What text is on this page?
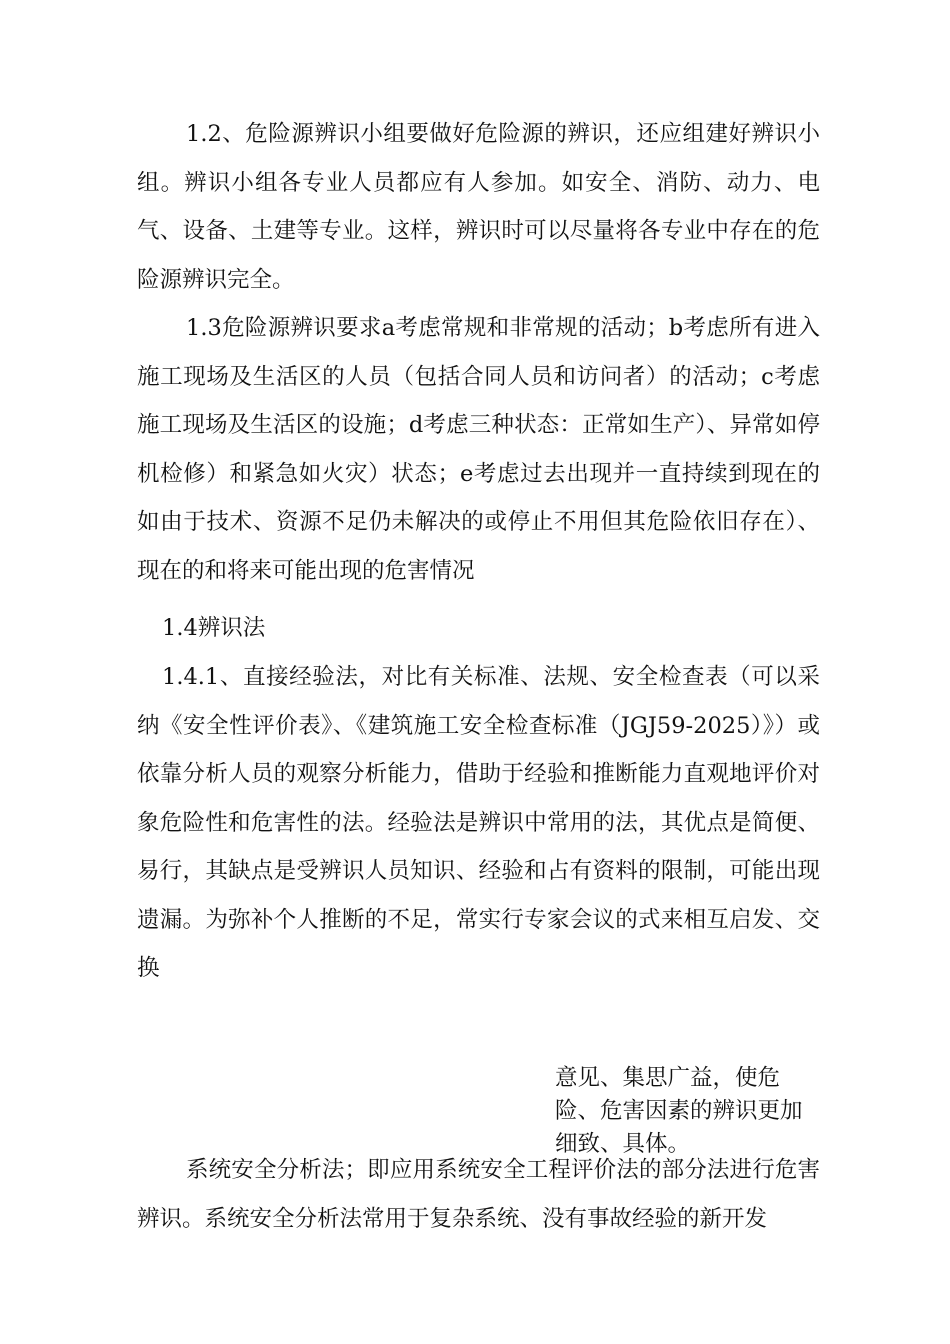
1.2、危险源辨识小组要做好危险源的辨识，还应组建好辨识小组。辨识小组各专业人员都应有人参加。如安全、消防、动力、电气、设备、土建等专业。这样，辨识时可以尽量将各专业中存在的危险源辨识完全。

1.3危险源辨识要求a考虑常规和非常规的活动；b考虑所有进入施工现场及生活区的人员（包括合同人员和访问者）的活动；c考虑施工现场及生活区的设施；d考虑三种状态：正常如生产）、异常如停机检修）和紧急如火灾）状态；e考虑过去出现并一直持续到现在的如由于技术、资源不足仍未解决的或停止不用但其危险依旧存在）、现在的和将来可能出现的危害情况

1.4辨识法

1.4.1、直接经验法，对比有关标准、法规、安全检查表（可以采纳《安全性评价表》、《建筑施工安全检查标准（JGJ59-2025）》）或依靠分析人员的观察分析能力，借助于经验和推断能力直观地评价对象危险性和危害性的法。经验法是辨识中常用的法，其优点是简便、易行，其缺点是受辨识人员知识、经验和占有资料的限制，可能出现遗漏。为弥补个人推断的不足，常实行专家会议的式来相互启发、交换

意见、集思广益，使危险、危害因素的辨识更加细致、具体。

系统安全分析法；即应用系统安全工程评价法的部分法进行危害辨识。系统安全分析法常用于复杂系统、没有事故经验的新开发
